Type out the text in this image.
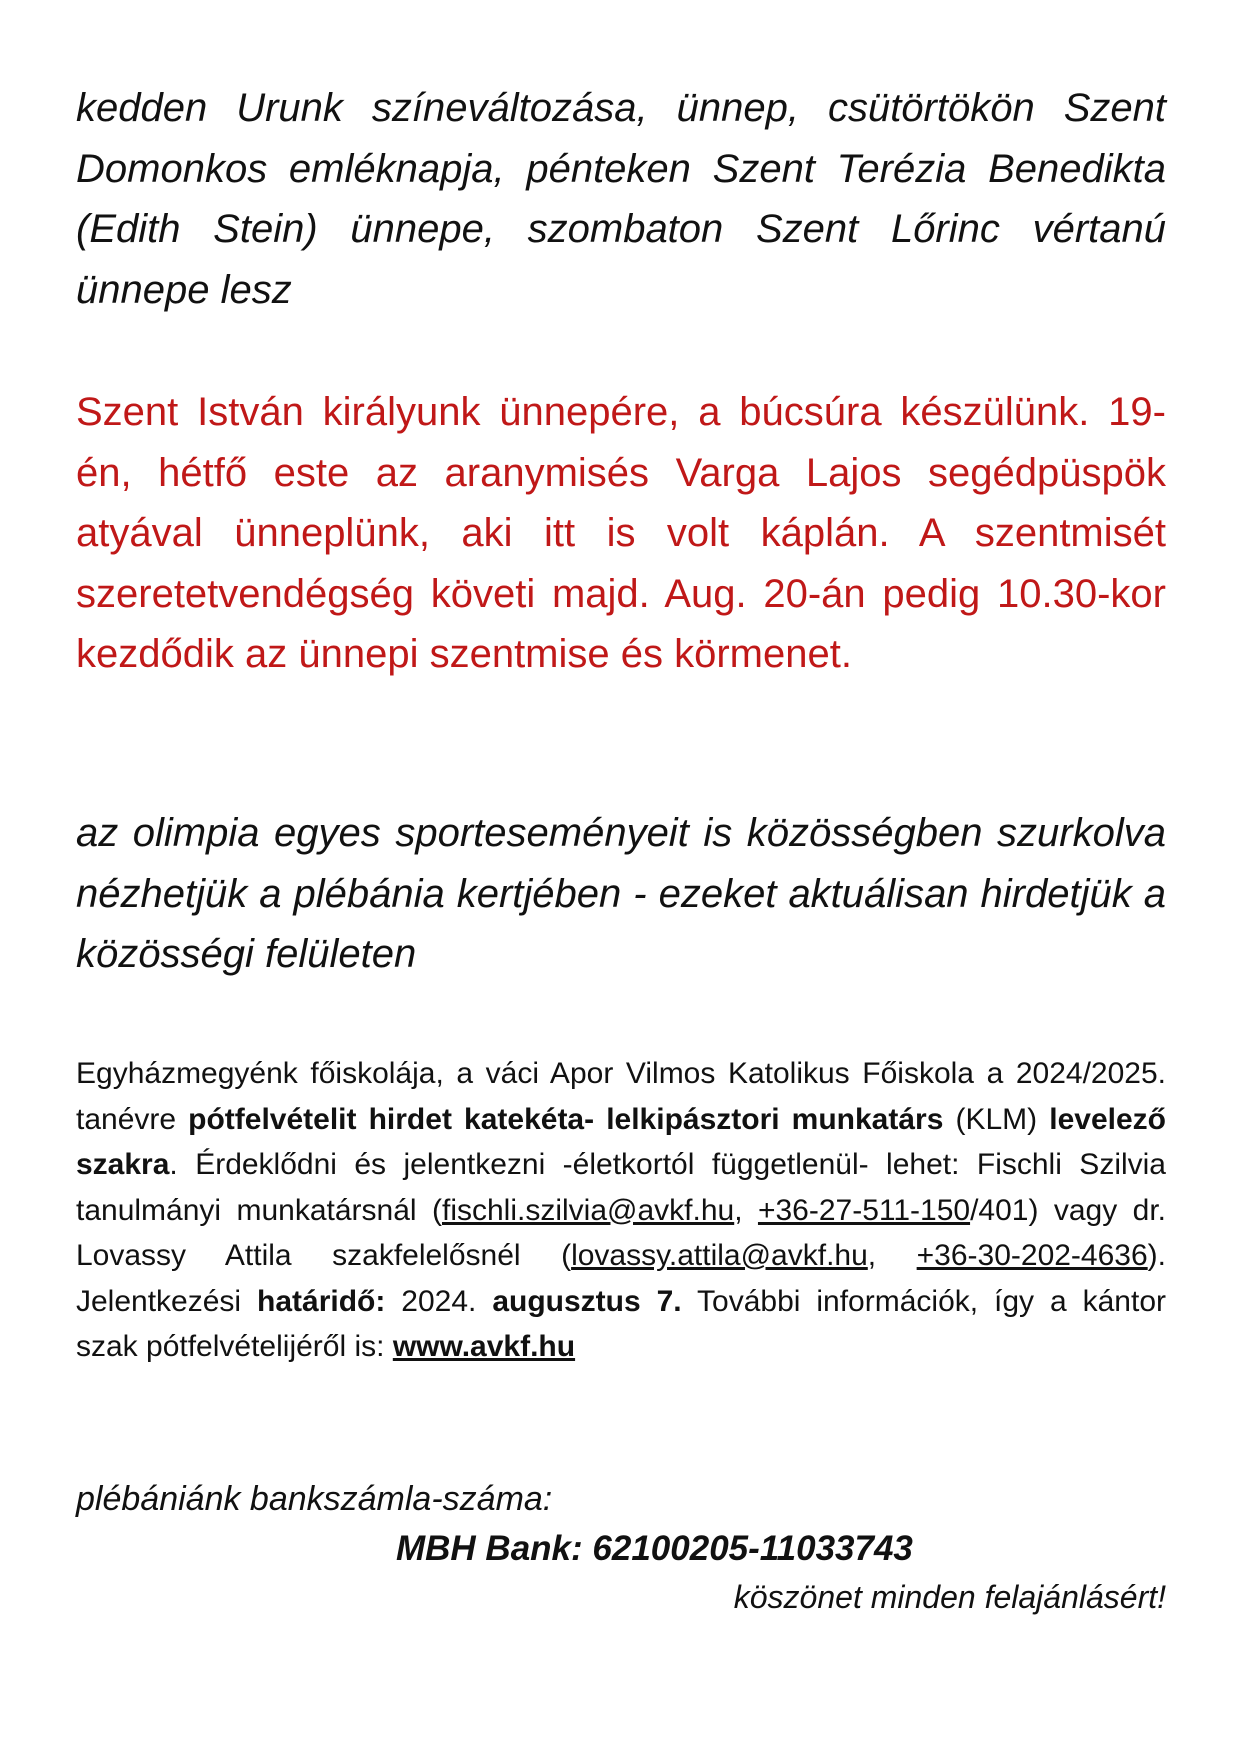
kedden Urunk színeváltozása, ünnep, csütörtökön Szent Domonkos emléknapja, pénteken Szent Terézia Benedikta (Edith Stein) ünnepe, szombaton Szent Lőrinc vértanú ünnepe lesz

Szent István királyunk ünnepére, a búcsúra készülünk. 19-én, hétfő este az aranymisés Varga Lajos segédpüspök atyával ünneplünk, aki itt is volt káplán. A szentmisét szeretetvendégség követi majd. Aug. 20-án pedig 10.30-kor kezdődik az ünnepi szentmise és körmenet.

az olimpia egyes sporteseményeit is közösségben szurkolva nézhetjük a plébánia kertjében - ezeket aktuálisan hirdetjük a közösségi felületen

Egyházmegyénk főiskolája, a váci Apor Vilmos Katolikus Főiskola a 2024/2025. tanévre pótfelvételit hirdet katekéta- lelkipásztori munkatárs (KLM) levelező szakra. Érdeklődni és jelentkezni -életkortól függetlenül- lehet: Fischli Szilvia tanulmányi munkatársnál (fischli.szilvia@avkf.hu, +36-27-511-150/401) vagy dr. Lovassy Attila szakfelelősnél (lovassy.attila@avkf.hu, +36-30-202-4636). Jelentkezési határidő: 2024. augusztus 7. További információk, így a kántor szak pótfelvételijéről is: www.avkf.hu

plébániánk bankszámla-száma:

MBH Bank: 62100205-11033743

köszönet minden felajánlásért!
